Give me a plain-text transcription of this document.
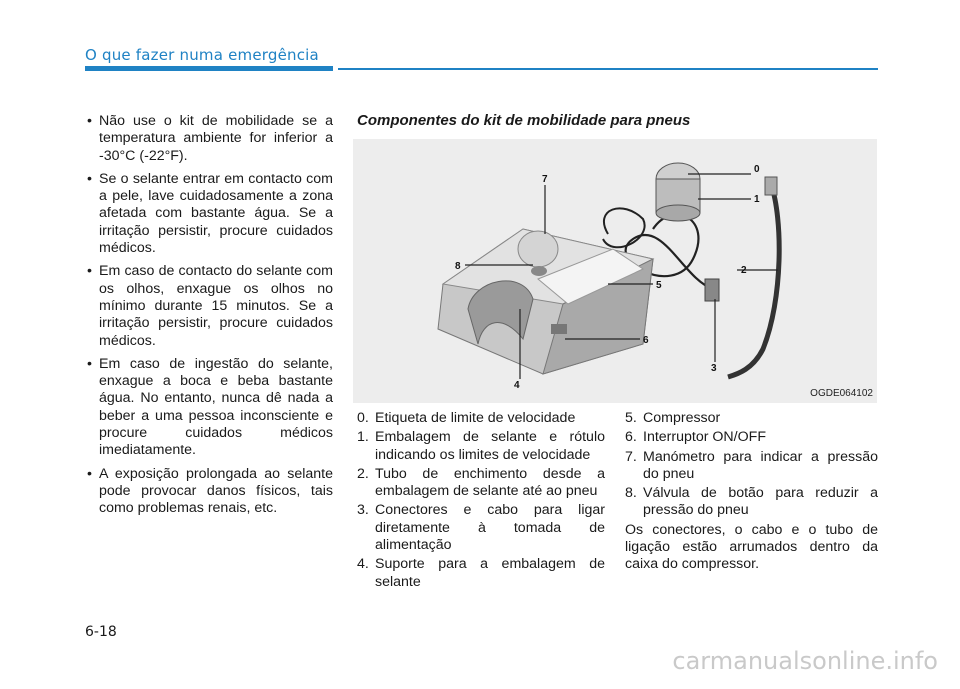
O que fazer numa emergência
• Não use o kit de mobilidade se a temperatura ambiente for inferior a -30°C (-22°F).
• Se o selante entrar em contacto com a pele, lave cuidadosamente a zona afetada com bastante água. Se a irritação persistir, procure cuidados médicos.
• Em caso de contacto do selante com os olhos, enxague os olhos no mínimo durante 15 minutos. Se a irritação persistir, procure cuidados médicos.
• Em caso de ingestão do selante, enxague a boca e beba bastante água. No entanto, nunca dê nada a beber a uma pessoa inconsciente e procure cuidados médicos imediatamente.
• A exposição prolongada ao selante pode provocar danos físicos, tais como problemas renais, etc.
Componentes do kit de mobilidade para pneus
0
1
2
3
4
5
6
7
8
OGDE064102
0. Etiqueta de limite de velocidade
1. Embalagem de selante e rótulo indicando os limites de velocidade
2. Tubo de enchimento desde a embalagem de selante até ao pneu
3. Conectores e cabo para ligar diretamente à tomada de alimentação
4. Suporte para a embalagem de selante
5. Compressor
6. Interruptor ON/OFF
7. Manómetro para indicar a pressão do pneu
8. Válvula de botão para reduzir a pressão do pneu
Os conectores, o cabo e o tubo de ligação estão arrumados dentro da caixa do compressor.
6-18
carmanualsonline.info
